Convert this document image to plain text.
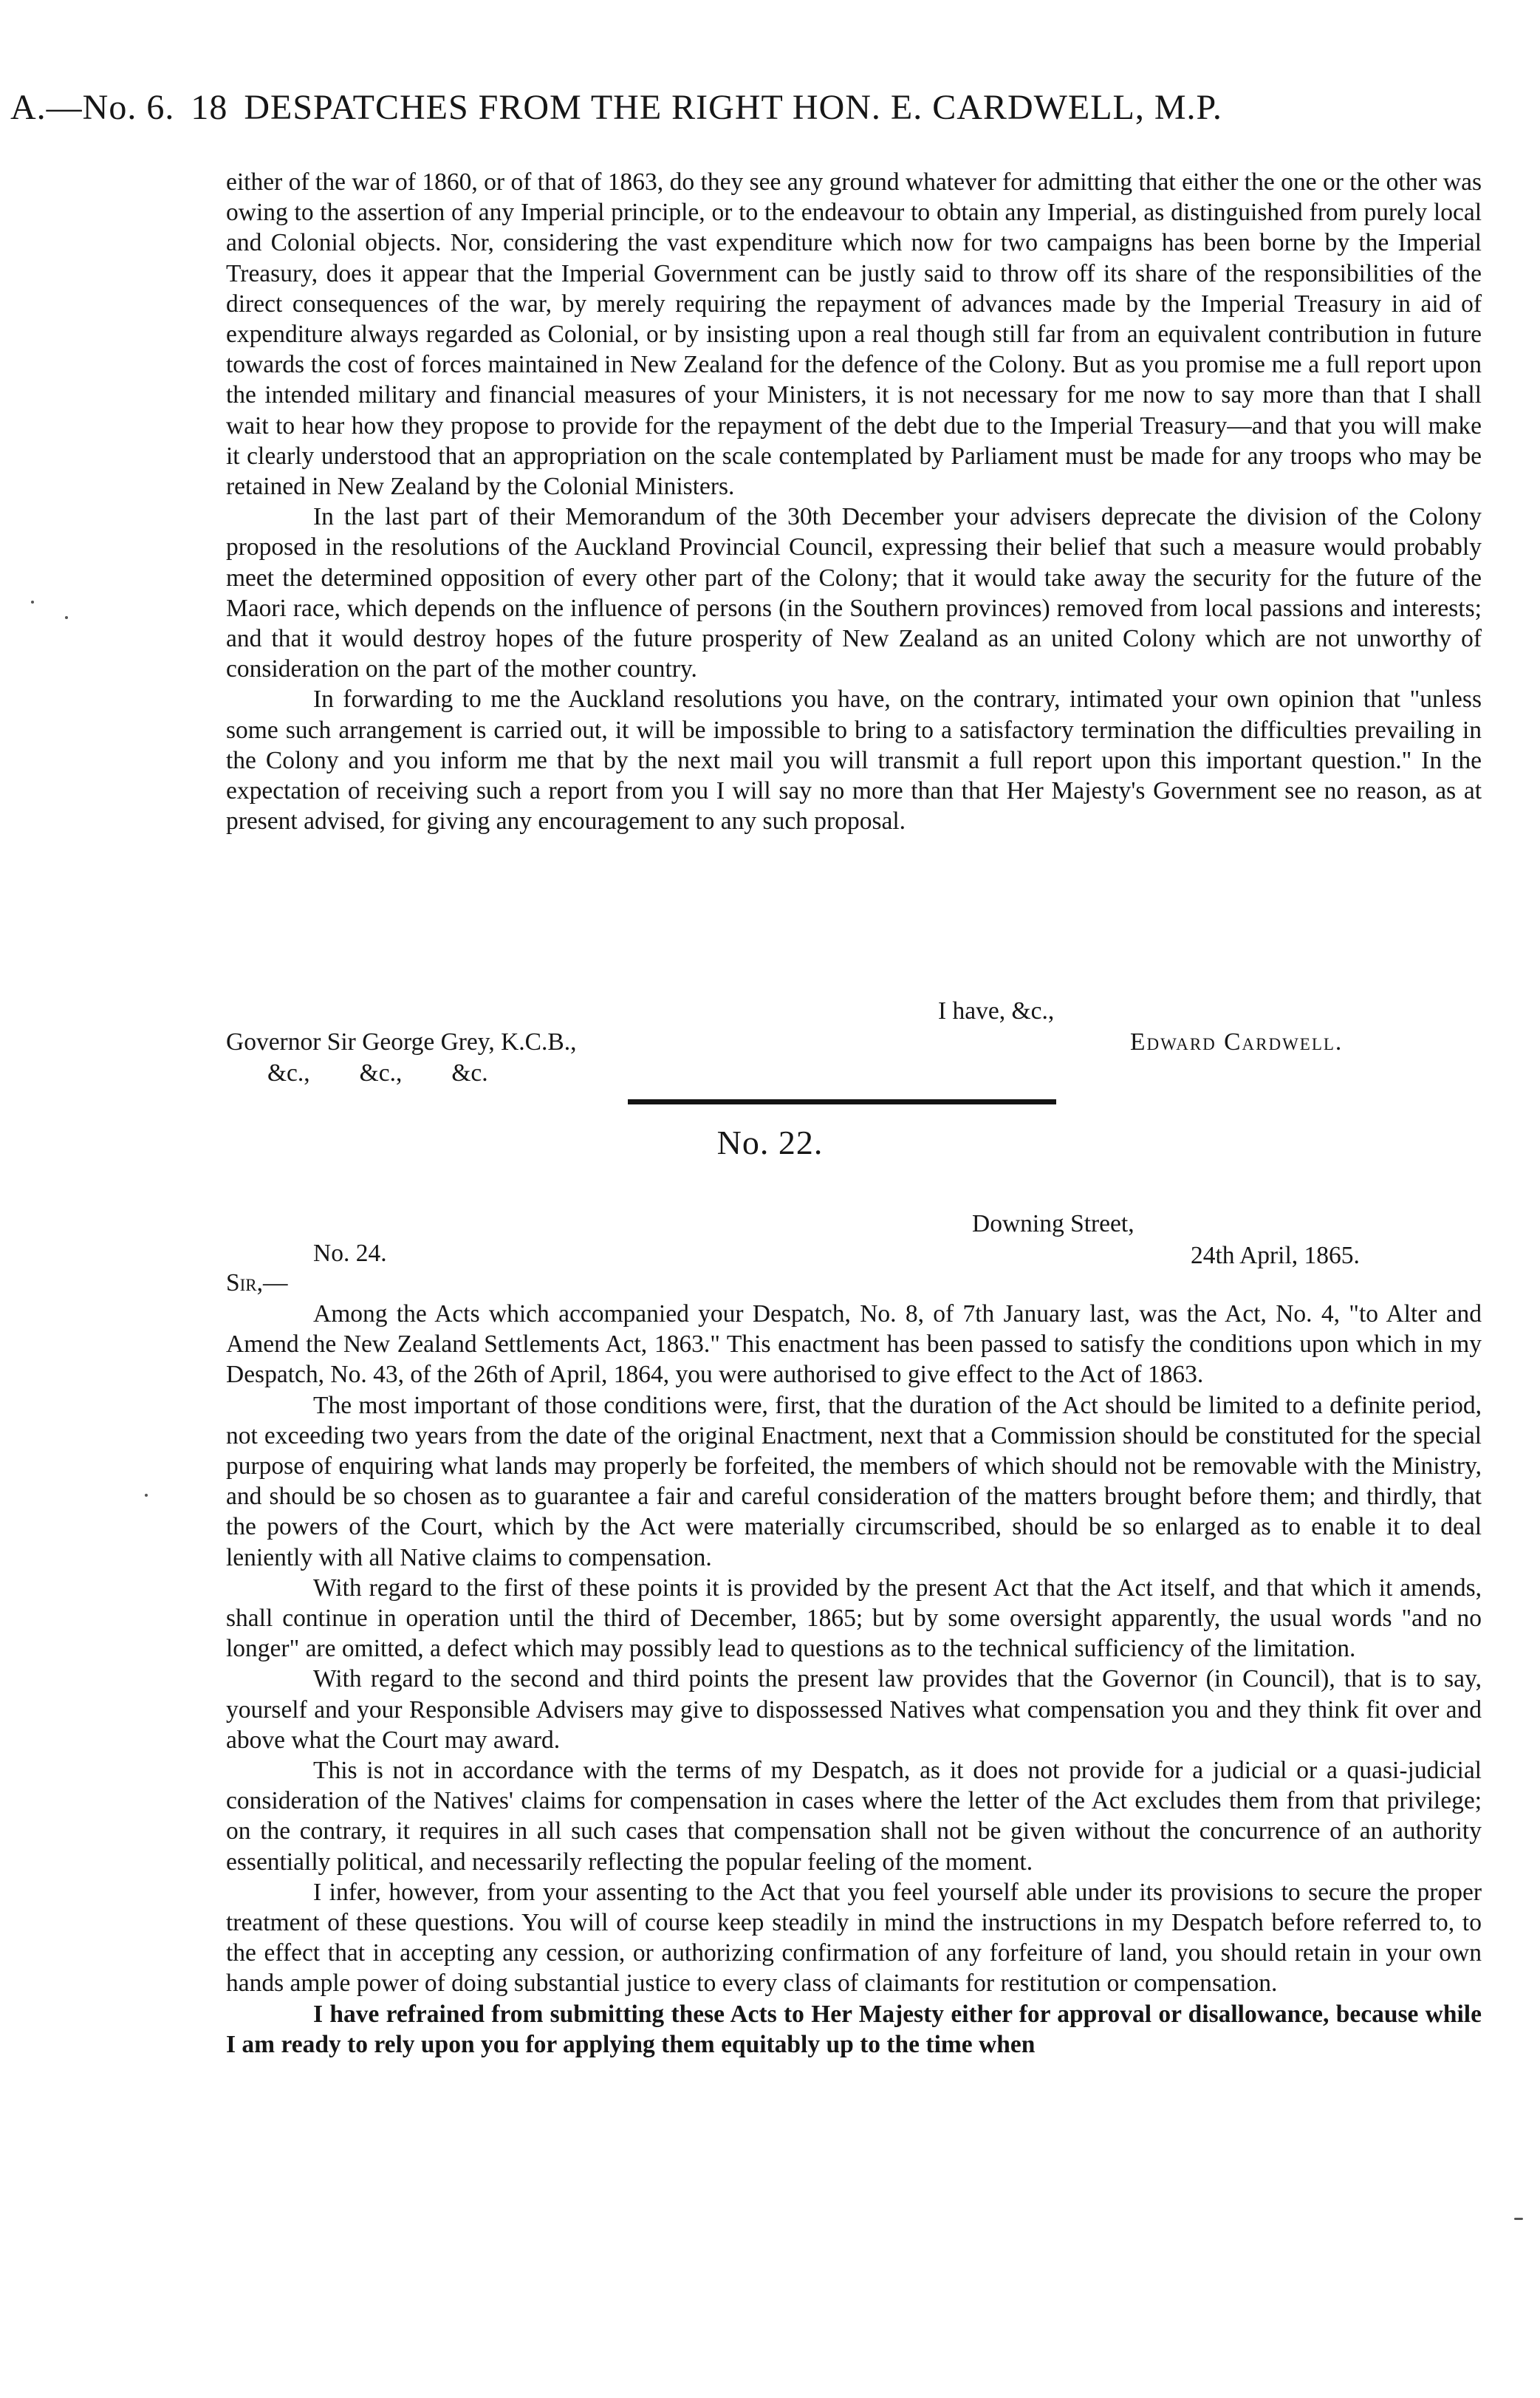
A.—No. 6. 18 DESPATCHES FROM THE RIGHT HON. E. CARDWELL, M.P.

either of the war of 1860, or of that of 1863, do they see any ground whatever for admitting that either the one or the other was owing to the assertion of any Imperial principle, or to the endeavour to obtain any Imperial, as distinguished from purely local and Colonial objects. Nor, considering the vast expenditure which now for two campaigns has been borne by the Imperial Treasury, does it appear that the Imperial Government can be justly said to throw off its share of the responsibilities of the direct consequences of the war, by merely requiring the repayment of advances made by the Imperial Treasury in aid of expenditure always regarded as Colonial, or by insisting upon a real though still far from an equivalent contribution in future towards the cost of forces maintained in New Zealand for the defence of the Colony. But as you promise me a full report upon the intended military and financial measures of your Ministers, it is not necessary for me now to say more than that I shall wait to hear how they propose to provide for the repayment of the debt due to the Imperial Treasury—and that you will make it clearly understood that an appropriation on the scale contemplated by Parliament must be made for any troops who may be retained in New Zealand by the Colonial Ministers.

In the last part of their Memorandum of the 30th December your advisers deprecate the division of the Colony proposed in the resolutions of the Auckland Provincial Council, expressing their belief that such a measure would probably meet the determined opposition of every other part of the Colony; that it would take away the security for the future of the Maori race, which depends on the influence of persons (in the Southern provinces) removed from local passions and interests; and that it would destroy hopes of the future prosperity of New Zealand as an united Colony which are not unworthy of consideration on the part of the mother country.

In forwarding to me the Auckland resolutions you have, on the contrary, intimated your own opinion that "unless some such arrangement is carried out, it will be impossible to bring to a satisfactory termination the difficulties prevailing in the Colony and you inform me that by the next mail you will transmit a full report upon this important question." In the expectation of receiving such a report from you I will say no more than that Her Majesty's Government see no reason, as at present advised, for giving any encouragement to any such proposal.

I have, &c.,
Governor Sir George Grey, K.C.B.,	Edward Cardwell.
&c.,        &c.,        &c.
No. 22.
Downing Street,
No. 24.	24th April, 1865.
Sir,—

Among the Acts which accompanied your Despatch, No. 8, of 7th January last, was the Act, No. 4, "to Alter and Amend the New Zealand Settlements Act, 1863." This enactment has been passed to satisfy the conditions upon which in my Despatch, No. 43, of the 26th of April, 1864, you were authorised to give effect to the Act of 1863.

The most important of those conditions were, first, that the duration of the Act should be limited to a definite period, not exceeding two years from the date of the original Enactment, next that a Commission should be constituted for the special purpose of enquiring what lands may properly be forfeited, the members of which should not be removable with the Ministry, and should be so chosen as to guarantee a fair and careful consideration of the matters brought before them; and thirdly, that the powers of the Court, which by the Act were materially circumscribed, should be so enlarged as to enable it to deal leniently with all Native claims to compensation.

With regard to the first of these points it is provided by the present Act that the Act itself, and that which it amends, shall continue in operation until the third of December, 1865; but by some oversight apparently, the usual words "and no longer" are omitted, a defect which may possibly lead to questions as to the technical sufficiency of the limitation.

With regard to the second and third points the present law provides that the Governor (in Council), that is to say, yourself and your Responsible Advisers may give to dispossessed Natives what compensation you and they think fit over and above what the Court may award.

This is not in accordance with the terms of my Despatch, as it does not provide for a judicial or a quasi-judicial consideration of the Natives' claims for compensation in cases where the letter of the Act excludes them from that privilege; on the contrary, it requires in all such cases that compensation shall not be given without the concurrence of an authority essentially political, and necessarily reflecting the popular feeling of the moment.

I infer, however, from your assenting to the Act that you feel yourself able under its provisions to secure the proper treatment of these questions. You will of course keep steadily in mind the instructions in my Despatch before referred to, to the effect that in accepting any cession, or authorizing confirmation of any forfeiture of land, you should retain in your own hands ample power of doing substantial justice to every class of claimants for restitution or compensation.

I have refrained from submitting these Acts to Her Majesty either for approval or disallowance, because while I am ready to rely upon you for applying them equitably up to the time when
